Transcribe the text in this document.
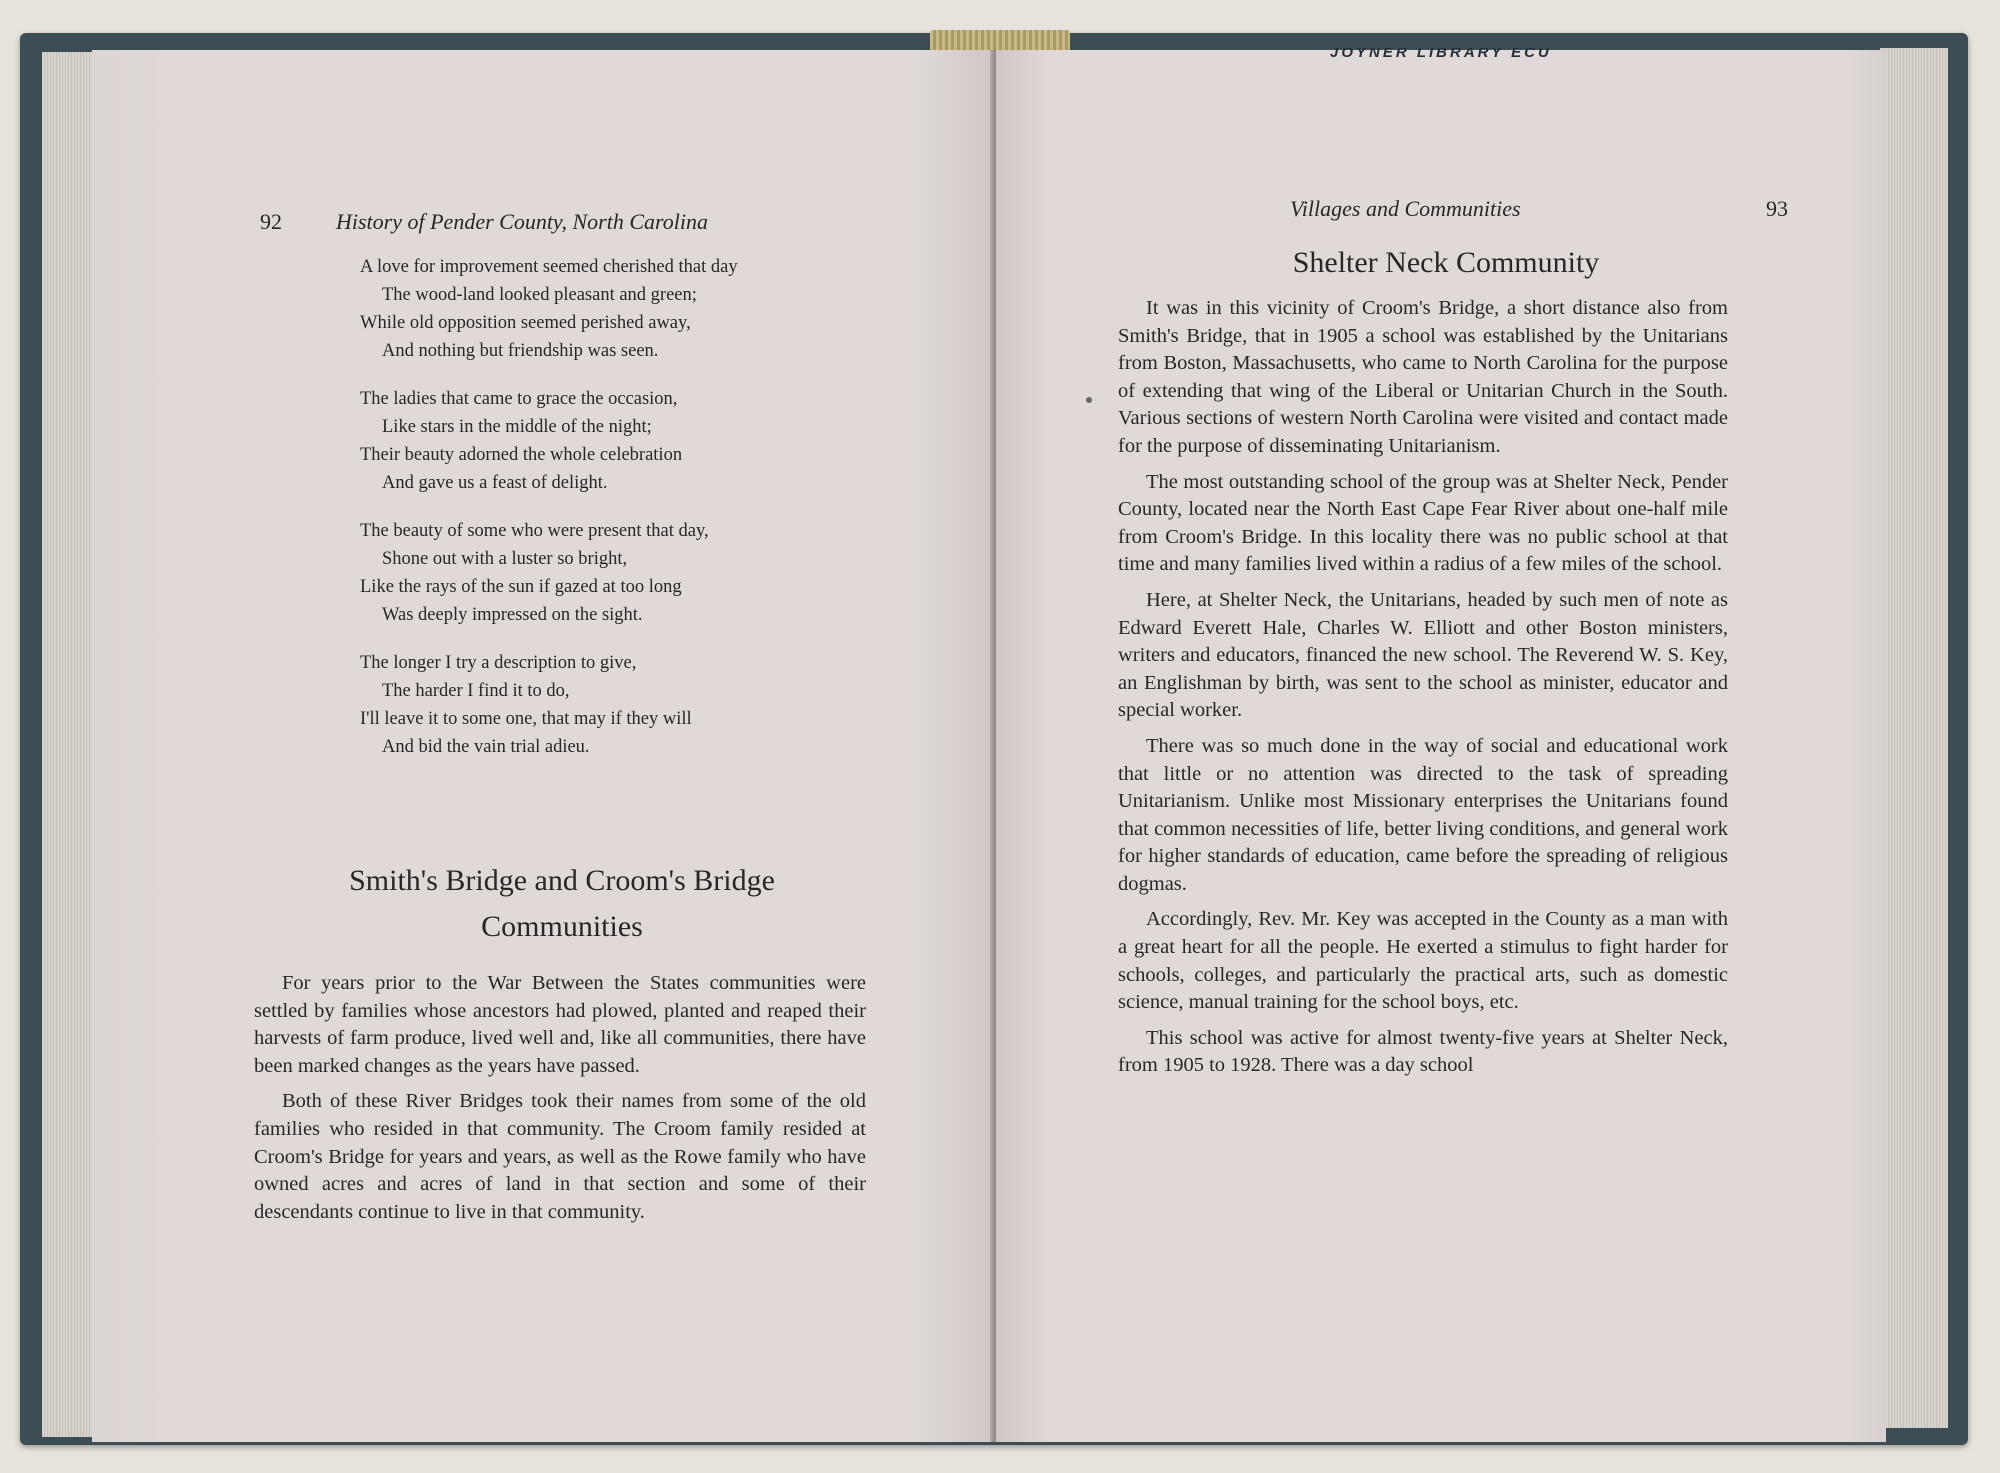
92 History of Pender County, North Carolina
A love for improvement seemed cherished that day
The wood-land looked pleasant and green;
While old opposition seemed perished away,
And nothing but friendship was seen.
The ladies that came to grace the occasion,
Like stars in the middle of the night;
Their beauty adorned the whole celebration
And gave us a feast of delight.
The beauty of some who were present that day,
Shone out with a luster so bright,
Like the rays of the sun if gazed at too long
Was deeply impressed on the sight.
The longer I try a description to give,
The harder I find it to do,
I'll leave it to some one, that may if they will
And bid the vain trial adieu.
Smith's Bridge and Croom's Bridge
Communities

For years prior to the War Between the States communities were settled by families whose ancestors had plowed, planted and reaped their harvests of farm produce, lived well and, like all communities, there have been marked changes as the years have passed.

Both of these River Bridges took their names from some of the old families who resided in that community. The Croom family resided at Croom's Bridge for years and years, as well as the Rowe family who have owned acres and acres of land in that section and some of their descendants continue to live in that community.

Villages and Communities	93
Shelter Neck Community

It was in this vicinity of Croom's Bridge, a short distance also from Smith's Bridge, that in 1905 a school was established by the Unitarians from Boston, Massachusetts, who came to North Carolina for the purpose of extending that wing of the Liberal or Unitarian Church in the South. Various sections of western North Carolina were visited and contact made for the purpose of disseminating Unitarianism.

The most outstanding school of the group was at Shelter Neck, Pender County, located near the North East Cape Fear River about one-half mile from Croom's Bridge. In this locality there was no public school at that time and many families lived within a radius of a few miles of the school.

Here, at Shelter Neck, the Unitarians, headed by such men of note as Edward Everett Hale, Charles W. Elliott and other Boston ministers, writers and educators, financed the new school. The Reverend W. S. Key, an Englishman by birth, was sent to the school as minister, educator and special worker.

There was so much done in the way of social and educational work that little or no attention was directed to the task of spreading Unitarianism. Unlike most Missionary enterprises the Unitarians found that common necessities of life, better living conditions, and general work for higher standards of education, came before the spreading of religious dogmas.

Accordingly, Rev. Mr. Key was accepted in the County as a man with a great heart for all the people. He exerted a stimulus to fight harder for schools, colleges, and particularly the practical arts, such as domestic science, manual training for the school boys, etc.

This school was active for almost twenty-five years at Shelter Neck, from 1905 to 1928. There was a day school

JOYNER LIBRARY ECU
